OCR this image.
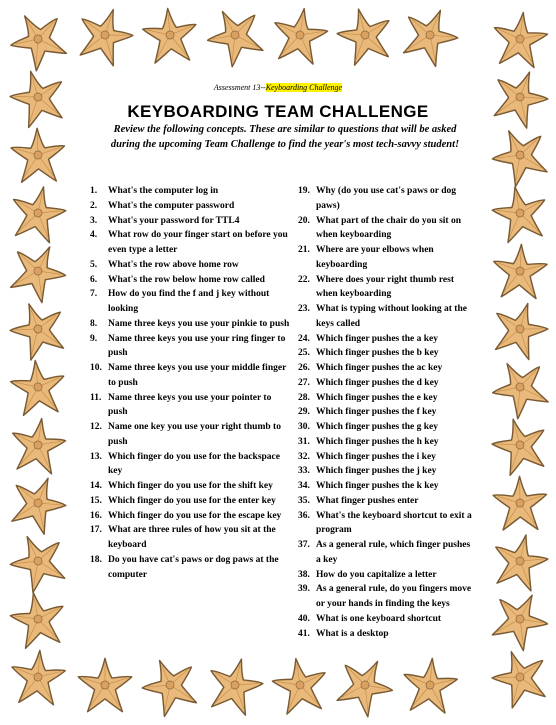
Assessment 13--Keyboarding Challenge
KEYBOARDING TEAM CHALLENGE
Review the following concepts. These are similar to questions that will be asked during the upcoming Team Challenge to find the year's most tech-savvy student!
1.	What's the computer log in
2.	What's the computer password
3.	What's your password for TTL4
4.	What row do your finger start on before you even type a letter
5.	What's the row above home row
6.	What's the row below home row called
7.	How do you find the f and j key without looking
8.	Name three keys you use your pinkie to push
9.	Name three keys you use your ring finger to push
10. Name three keys you use your middle finger to push
11. Name three keys you use your pointer to push
12. Name one key you use your right thumb to push
13. Which finger do you use for the backspace key
14. Which finger do you use for the shift key
15. Which finger do you use for the enter key
16. Which finger do you use for the escape key
17. What are three rules of how you sit at the keyboard
18. Do you have cat's paws or dog paws at the computer
19. Why (do you use cat's paws or dog paws)
20. What part of the chair do you sit on when keyboarding
21. Where are your elbows when keyboarding
22. Where does your right thumb rest when keyboarding
23. What is typing without looking at the keys called
24. Which finger pushes the a key
25. Which finger pushes the b key
26. Which finger pushes the ac key
27. Which finger pushes the d key
28. Which finger pushes the e key
29. Which finger pushes the f key
30. Which finger pushes the g key
31. Which finger pushes the h key
32. Which finger pushes the i key
33. Which finger pushes the j key
34. Which finger pushes the k key
35. What finger pushes enter
36. What's the keyboard shortcut to exit a program
37. As a general rule, which finger pushes a key
38. How do you capitalize a letter
39. As a general rule, do you fingers move or your hands in finding the keys
40. What is one keyboard shortcut
41. What is a desktop
